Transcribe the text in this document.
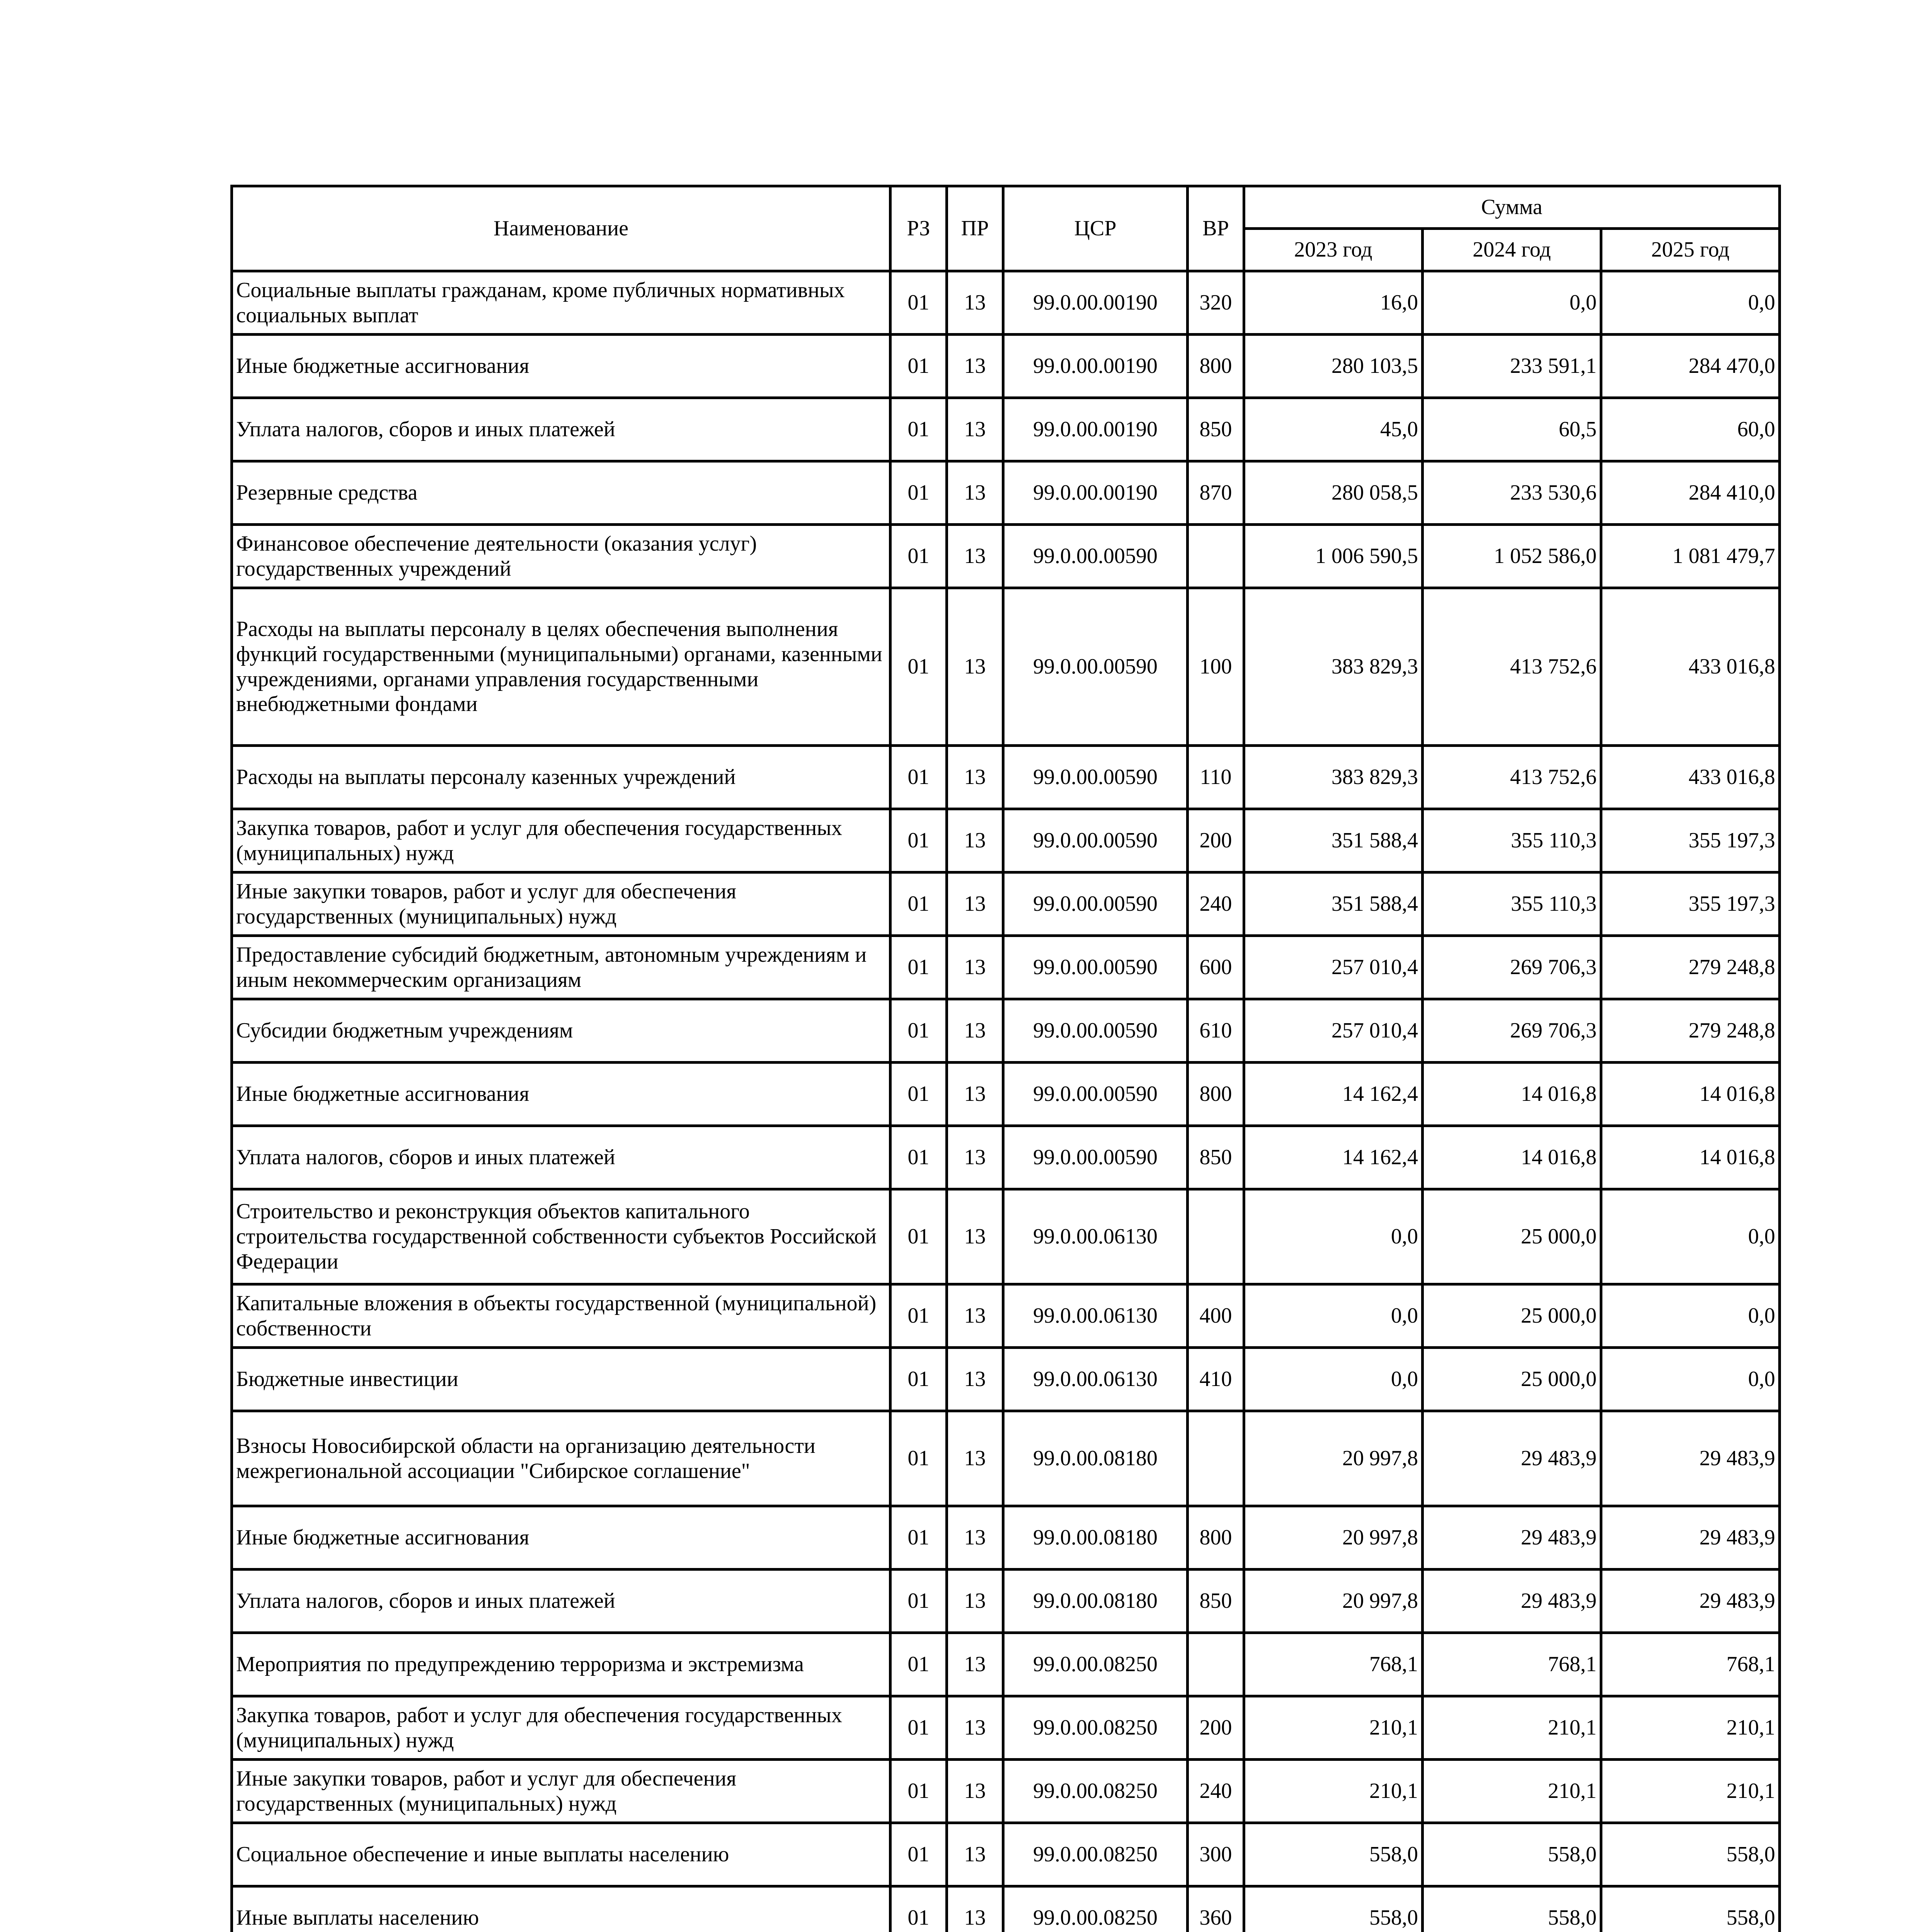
Наименование	РЗ	ПР	ЦСР	ВР	Сумма		
					2023 год	2024 год	2025 год
Социальные выплаты гражданам, кроме публичных нормативных социальных выплат	01	13	99.0.00.00190	320	16,0	0,0	0,0
Иные бюджетные ассигнования	01	13	99.0.00.00190	800	280 103,5	233 591,1	284 470,0
Уплата налогов, сборов и иных платежей	01	13	99.0.00.00190	850	45,0	60,5	60,0
Резервные средства	01	13	99.0.00.00190	870	280 058,5	233 530,6	284 410,0
Финансовое обеспечение деятельности (оказания услуг) государственных учреждений	01	13	99.0.00.00590		1 006 590,5	1 052 586,0	1 081 479,7
Расходы на выплаты персоналу в целях обеспечения выполнения функций государственными (муниципальными) органами, казенными учреждениями, органами управления государственными внебюджетными фондами	01	13	99.0.00.00590	100	383 829,3	413 752,6	433 016,8
Расходы на выплаты персоналу казенных учреждений	01	13	99.0.00.00590	110	383 829,3	413 752,6	433 016,8
Закупка товаров, работ и услуг для обеспечения государственных (муниципальных) нужд	01	13	99.0.00.00590	200	351 588,4	355 110,3	355 197,3
Иные закупки товаров, работ и услуг для обеспечения государственных (муниципальных) нужд	01	13	99.0.00.00590	240	351 588,4	355 110,3	355 197,3
Предоставление субсидий бюджетным, автономным учреждениям и иным некоммерческим организациям	01	13	99.0.00.00590	600	257 010,4	269 706,3	279 248,8
Субсидии бюджетным учреждениям	01	13	99.0.00.00590	610	257 010,4	269 706,3	279 248,8
Иные бюджетные ассигнования	01	13	99.0.00.00590	800	14 162,4	14 016,8	14 016,8
Уплата налогов, сборов и иных платежей	01	13	99.0.00.00590	850	14 162,4	14 016,8	14 016,8
Строительство и реконструкция объектов капитального строительства государственной собственности субъектов Российской Федерации	01	13	99.0.00.06130		0,0	25 000,0	0,0
Капитальные вложения в объекты государственной (муниципальной) собственности	01	13	99.0.00.06130	400	0,0	25 000,0	0,0
Бюджетные инвестиции	01	13	99.0.00.06130	410	0,0	25 000,0	0,0
Взносы Новосибирской области на организацию деятельности межрегиональной ассоциации "Сибирское соглашение"	01	13	99.0.00.08180		20 997,8	29 483,9	29 483,9
Иные бюджетные ассигнования	01	13	99.0.00.08180	800	20 997,8	29 483,9	29 483,9
Уплата налогов, сборов и иных платежей	01	13	99.0.00.08180	850	20 997,8	29 483,9	29 483,9
Мероприятия по предупреждению терроризма и экстремизма	01	13	99.0.00.08250		768,1	768,1	768,1
Закупка товаров, работ и услуг для обеспечения государственных (муниципальных) нужд	01	13	99.0.00.08250	200	210,1	210,1	210,1
Иные закупки товаров, работ и услуг для обеспечения государственных (муниципальных) нужд	01	13	99.0.00.08250	240	210,1	210,1	210,1
Социальное обеспечение и иные выплаты населению	01	13	99.0.00.08250	300	558,0	558,0	558,0
Иные выплаты населению	01	13	99.0.00.08250	360	558,0	558,0	558,0
